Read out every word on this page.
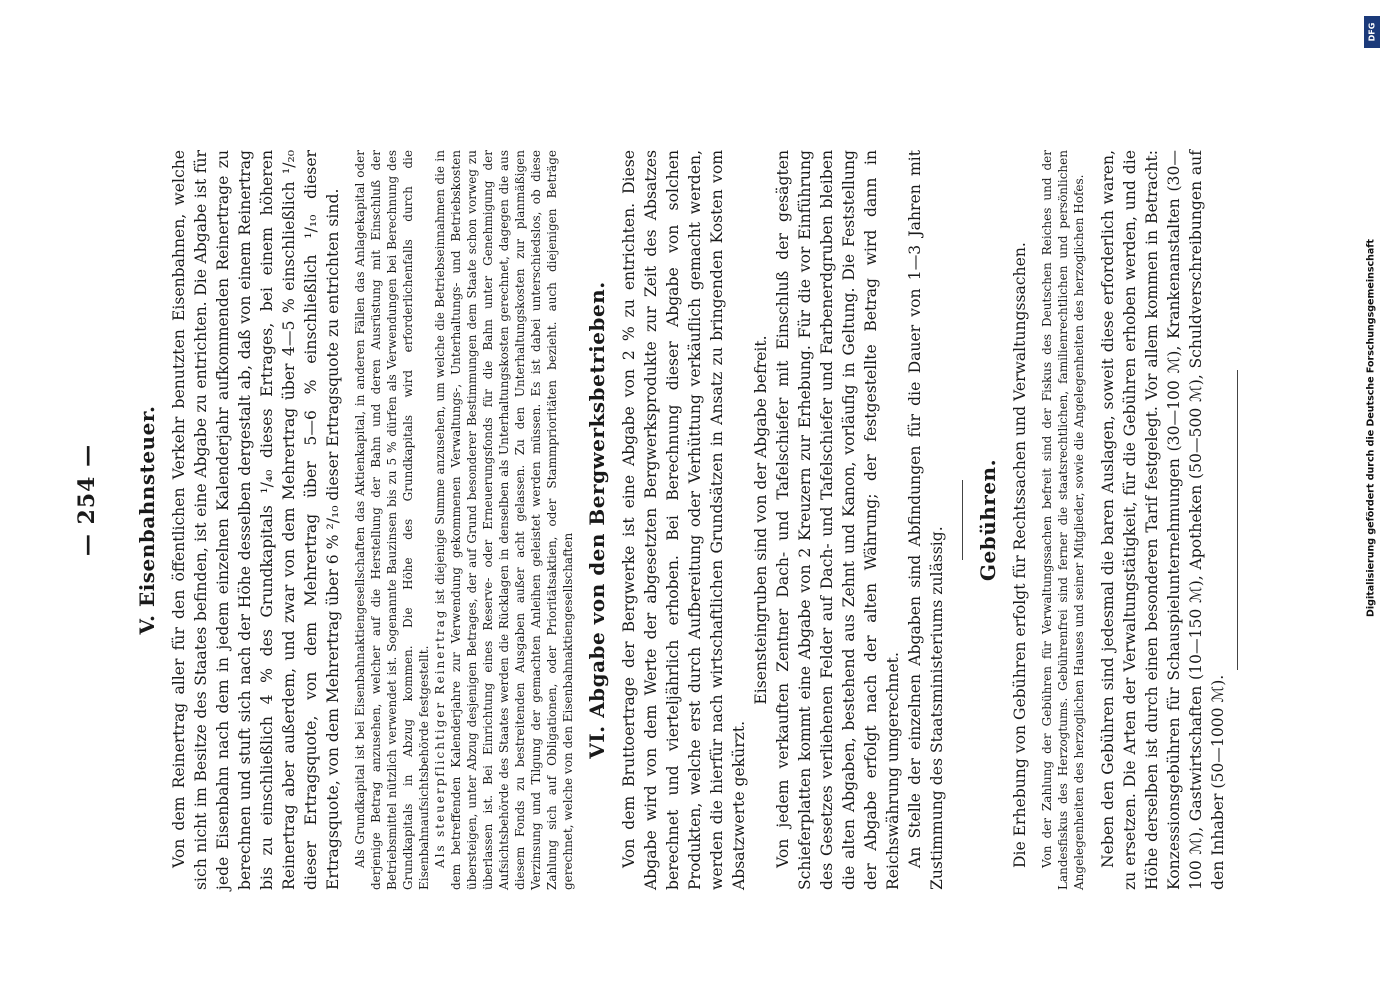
— 254 —	V. Eisenbahnsteuer. Von dem Reinertrag aller für den öffentlichen Verkehr benutzten Eisenbahnen, welche sich nicht im Besitze des Staates befinden, ist eine Abgabe zu entrichten. Die Abgabe ist für jede Eisenbahn nach dem in jedem einzelnen Kalenderjahr aufkommenden Reinertrage zu berechnen und stuft sich nach der Höhe desselben dergestalt ab, daß von einem Reinertrag bis zu einschließlich 4 % des Grundkapitals ¹/₄₀ dieses Ertrages, bei einem höheren Reinertrag aber außerdem, und zwar von dem Mehrertrag über 4—5 % einschließlich ¹/₂₀ dieser Ertragsquote, von dem Mehrertrag über 5—6 % einschließlich ¹/₁₀ dieser Ertragsquote, von dem Mehrertrag über 6 % ²/₁₀ dieser Ertragsquote zu entrichten sind. Als Grundkapital ist bei Eisenbahnaktiengesellschaften das Aktienkapital, in anderen Fällen das Anlagekapital oder derjenige Betrag anzusehen, welcher auf die Herstellung der Bahn und deren Ausrüstung mit Einschluß der Betriebsmittel nützlich verwendet ist. Sogenannte Bauzinsen bis zu 5 % dürfen als Verwendungen bei Berechnung des Grundkapitals in Abzug kommen. Die Höhe des Grundkapitals wird erforderlichenfalls durch die Eisenbahnaufsichtsbehörde festgestellt. Als steuerpflichtiger Reinertrag ist diejenige Summe anzusehen, um welche die Betriebseinnahmen die in dem betreffenden Kalenderjahre zur Verwendung gekommenen Verwaltungs-, Unterhaltungs- und Betriebskosten übersteigen, unter Abzug desjenigen Betrages, der auf Grund besonderer Bestimmungen dem Staate schon vorweg zu überlassen ist. Bei Einrichtung eines Reserve- oder Erneuerungsfonds für die Bahn unter Genehmigung der Aufsichtsbehörde des Staates werden die Rücklagen in denselben als Unterhaltungskosten gerechnet, dagegen die aus diesem Fonds zu bestreitenden Ausgaben außer acht gelassen. Zu den Unterhaltungskosten zur planmäßigen Verzinsung und Tilgung der gemachten Anleihen geleistet werden müssen. Es ist dabei unterschiedslos, ob diese Zahlung sich auf Obligationen, oder Prioritätsaktien, oder Stammprioritäten bezieht. auch diejenigen Beträge gerechnet, welche von den Eisenbahnaktiengesellschaften VI. Abgabe von den Bergwerksbetrieben. Von dem Bruttoertrage der Bergwerke ist eine Abgabe von 2 % zu entrichten. Diese Abgabe wird von dem Werte der abgesetzten Bergwerksprodukte zur Zeit des Absatzes berechnet und vierteljährlich erhoben. Bei Berechnung dieser Abgabe von solchen Produkten, welche erst durch Aufbereitung oder Verhüttung verkäuflich gemacht werden, werden die hierfür nach wirtschaftlichen Grundsätzen in Ansatz zu bringenden Kosten vom Absatzwerte gekürzt.

Eisensteingruben sind von der Abgabe befreit. Von jedem verkauften Zentner Dach- und Tafelschiefer mit Einschluß der gesägten Schieferplatten kommt eine Abgabe von 2 Kreuzern zur Erhebung. Für die vor Einführung des Gesetzes verliehenen Felder auf Dach- und Tafelschiefer und Farbenerdgruben bleiben die alten Abgaben, bestehend aus Zehnt und Kanon, vorläufig in Geltung. Die Feststellung der Abgabe erfolgt nach der alten Währung; der festgestellte Betrag wird dann in Reichswährung umgerechnet. An Stelle der einzelnen Abgaben sind Abfindungen für die Dauer von 1—3 Jahren mit Zustimmung des Staatsministeriums zulässig.

Gebühren. Die Erhebung von Gebühren erfolgt für Rechtssachen und Verwaltungssachen. Von der Zahlung der Gebühren für Verwaltungssachen befreit sind der Fiskus des Deutschen Reiches und der Landesfiskus des Herzogtums. Gebührenfrei sind ferner die staatsrechtlichen, familienrechtlichen und persönlichen Angelegenheiten des herzoglichen Hauses und seiner Mitglieder, sowie die Angelegenheiten des herzoglichen Hofes. Neben den Gebühren sind jedesmal die baren Auslagen, soweit diese erforderlich waren, zu ersetzen. Die Arten der Verwaltungstätigkeit, für die Gebühren erhoben werden, und die Höhe derselben ist durch einen besonderen Tarif festgelegt. Vor allem kommen in Betracht: Konzessionsgebühren für Schauspielunternehmungen (30—100 ℳ), Krankenanstalten (30—100 ℳ), Gastwirtschaften (10—150 ℳ), Apotheken (50—500 ℳ), Schuldverschreibungen auf den Inhaber (50—1000 ℳ).

DFG
Digitalisierung gefördert durch die Deutsche Forschungsgemeinschaft
